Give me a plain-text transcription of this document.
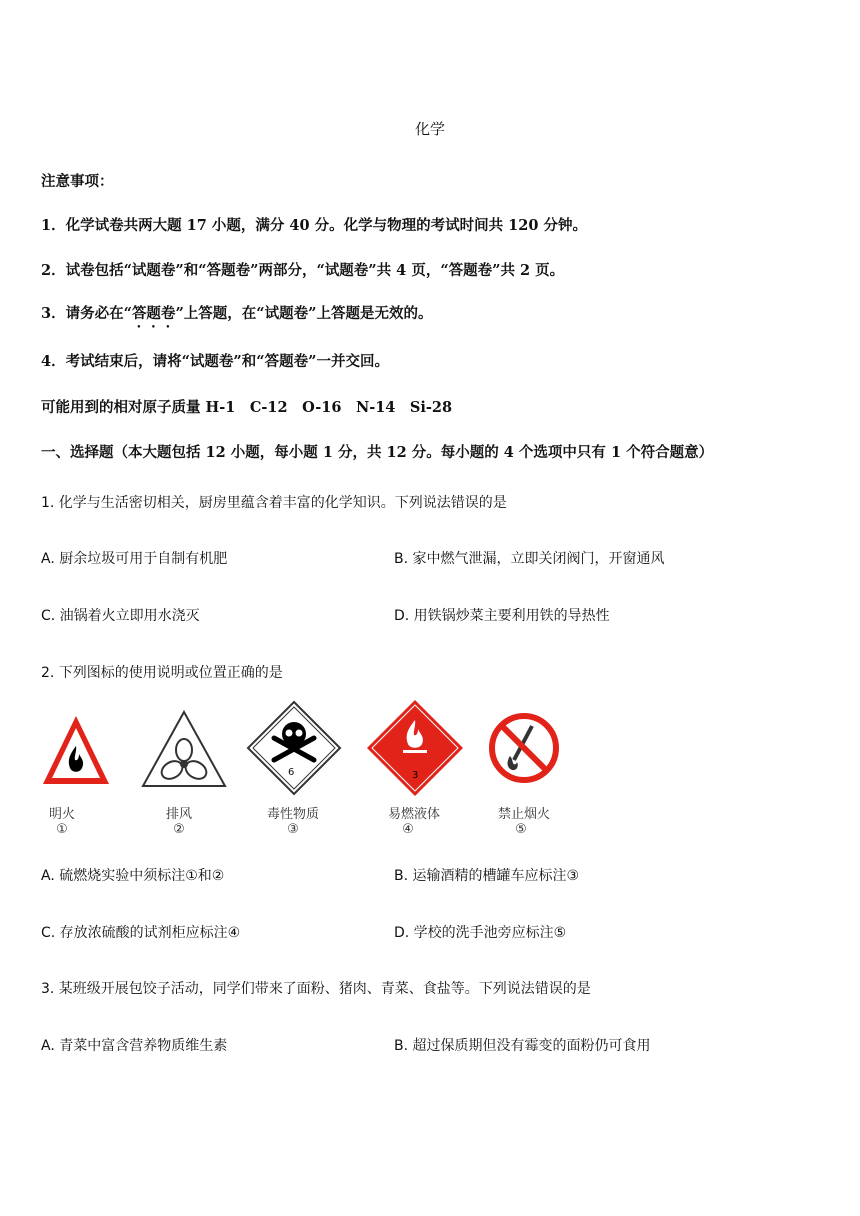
化学
注意事项：
1．化学试卷共两大题 17 小题，满分 40 分。化学与物理的考试时间共 120 分钟。
2．试卷包括“试题卷”和“答题卷”两部分，“试题卷”共 4 页，“答题卷”共 2 页。
3．请务必在“答题卷”上答题，在“试题卷”上答题是无效的。
4．考试结束后，请将“试题卷”和“答题卷”一并交回。
可能用到的相对原子质量 H-1　C-12　O-16　N-14　Si-28
一、选择题（本大题包括 12 小题，每小题 1 分，共 12 分。每小题的 4 个选项中只有 1 个符合题意）
1. 化学与生活密切相关，厨房里蕴含着丰富的化学知识。下列说法错误的是
A. 厨余垃圾可用于自制有机肥	B. 家中燃气泄漏，立即关闭阀门，开窗通风
C. 油锅着火立即用水浇灭	D. 用铁锅炒菜主要利用铁的导热性
2. 下列图标的使用说明或位置正确的是
明火
①
排风
②
6
毒性物质
③
3
易燃液体
④
禁止烟火
⑤
A. 硫燃烧实验中须标注①和②	B. 运输酒精的槽罐车应标注③
C. 存放浓硫酸的试剂柜应标注④	D. 学校的洗手池旁应标注⑤
3. 某班级开展包饺子活动，同学们带来了面粉、猪肉、青菜、食盐等。下列说法错误的是
A. 青菜中富含营养物质维生素	B. 超过保质期但没有霉变的面粉仍可食用
